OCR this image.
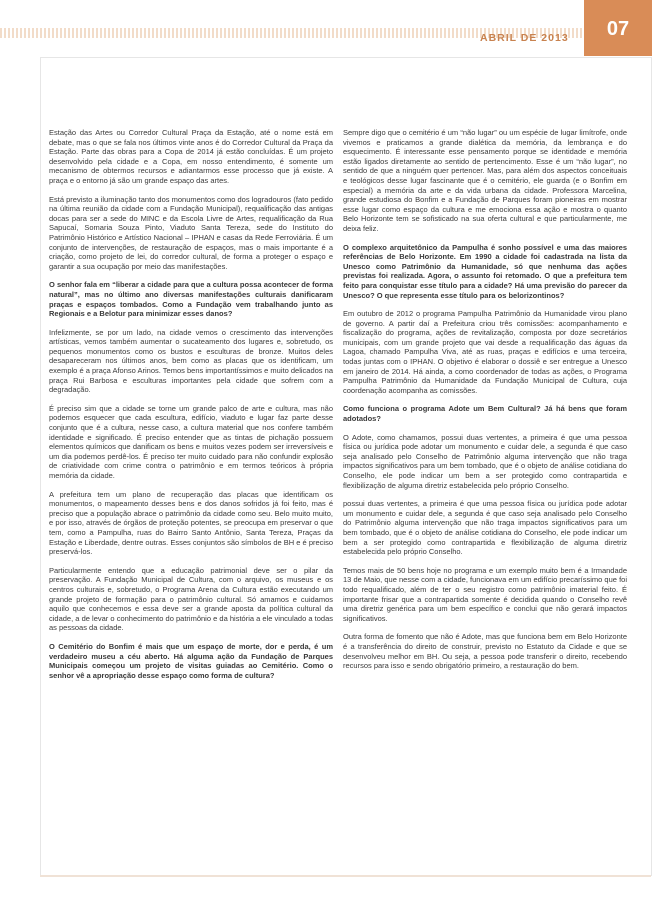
ABRIL DE 2013	07

Estação das Artes ou Corredor Cultural Praça da Estação, até o nome está em debate, mas o que se fala nos últimos vinte anos é do Corredor Cultural da Praça da Estação. Parte das obras para a Copa de 2014 já estão concluídas. É um projeto desenvolvido pela cidade e a Copa, em nosso entendimento, é somente um mecanismo de obtermos recursos e adiantarmos esse processo que já existe. A praça e o entorno já são um grande espaço das artes.

Está previsto a iluminação tanto dos monumentos como dos logradouros (fato pedido na última reunião da cidade com a Fundação Municipal), requalificação das antigas docas para ser a sede do MINC e da Escola Livre de Artes, requalificação da Rua Sapucaí, Somaria Souza Pinto, Viaduto Santa Tereza, sede do Instituto do Patrimônio Histórico e Artístico Nacional – IPHAN e casas da Rede Ferroviária. É um conjunto de intervenções, de restauração de espaços, mas o mais importante é a criação, como projeto de lei, do corredor cultural, de forma a proteger o espaço e garantir a sua ocupação por meio das manifestações.

O senhor fala em “liberar a cidade para que a cultura possa acontecer de forma natural”, mas no último ano diversas manifestações culturais danificaram praças e espaços tombados. Como a Fundação vem trabalhando junto as Regionais e a Belotur para minimizar esses danos?

Infelizmente, se por um lado, na cidade vemos o crescimento das intervenções artísticas, vemos também aumentar o sucateamento dos lugares e, sobretudo, os pequenos monumentos como os bustos e esculturas de bronze. Muitos deles desapareceram nos últimos anos, bem como as placas que os identificam, um exemplo é a praça Afonso Arinos. Temos bens importantíssimos e muito delicados na praça Rui Barbosa e esculturas importantes pela cidade que sofrem com a degradação.

É preciso sim que a cidade se torne um grande palco de arte e cultura, mas não podemos esquecer que cada escultura, edifício, viaduto e lugar faz parte desse conjunto que é a cultura, nesse caso, a cultura material que nos confere também identidade e significado. É preciso entender que as tintas de pichação possuem elementos químicos que danificam os bens e muitos vezes podem ser irreversíveis e um dia podemos perdê-los. É preciso ter muito cuidado para não confundir explosão de criatividade com crime contra o patrimônio e em termos teóricos à própria memória da cidade.

A prefeitura tem um plano de recuperação das placas que identificam os monumentos, o mapeamento desses bens e dos danos sofridos já foi feito, mas é preciso que a população abrace o patrimônio da cidade como seu. Belo muito muito, e por isso, através de órgãos de proteção potentes, se preocupa em preservar o que tem, como a Pampulha, ruas do Bairro Santo Antônio, Santa Tereza, Praças da Estação e Liberdade, dentre outras. Esses conjuntos são símbolos de BH e é preciso preservá-los.

Particularmente entendo que a educação patrimonial deve ser o pilar da preservação. A Fundação Municipal de Cultura, com o arquivo, os museus e os centros culturais e, sobretudo, o Programa Arena da Cultura estão executando um grande projeto de formação para o patrimônio cultural. Só amamos e cuidamos aquilo que conhecemos e essa deve ser a grande aposta da política cultural da cidade, a de levar o conhecimento do patrimônio e da história a ele vinculado a todas as pessoas da cidade.

O Cemitério do Bonfim é mais que um espaço de morte, dor e perda, é um verdadeiro museu a céu aberto. Há alguma ação da Fundação de Parques Municipais começou um projeto de visitas guiadas ao Cemitério. Como o senhor vê a apropriação desse espaço como forma de cultura?

Sempre digo que o cemitério é um “não lugar” ou um espécie de lugar limítrofe, onde vivemos e praticamos a grande dialética da memória, da lembrança e do esquecimento. É interessante esse pensamento porque se identidade e memória estão ligados diretamente ao sentido de pertencimento. Esse é um “não lugar”, no sentido de que a ninguém quer pertencer. Mas, para além dos aspectos conceituais e teológicos desse lugar fascinante que é o cemitério, ele guarda (e o Bonfim em especial) a memória da arte e da vida urbana da cidade. Professora Marcelina, grande estudiosa do Bonfim e a Fundação de Parques foram pioneiras em mostrar esse lugar como espaço da cultura e me emociona essa ação e mostra o quanto Belo Horizonte tem se sofisticado na sua oferta cultural e que particularmente, me deixa feliz.

O complexo arquitetônico da Pampulha é sonho possível e uma das maiores referências de Belo Horizonte. Em 1990 a cidade foi cadastrada na lista da Unesco como Patrimônio da Humanidade, só que nenhuma das ações previstas foi realizada. Agora, o assunto foi retomado. O que a prefeitura tem feito para conquistar esse título para a cidade? Há uma previsão do parecer da Unesco? O que representa esse título para os belorizontinos?

Em outubro de 2012 o programa Pampulha Patrimônio da Humanidade virou plano de governo. A partir daí a Prefeitura criou três comissões: acompanhamento e fiscalização do programa, ações de revitalização, composta por doze secretários municipais, com um grande projeto que vai desde a requalificação das águas da Lagoa, chamado Pampulha Viva, até as ruas, praças e edifícios e uma terceira, todas juntas com o IPHAN. O objetivo é elaborar o dossiê e ser entregue a Unesco em janeiro de 2014. Há ainda, a como coordenador de todas as ações, o Programa Pampulha Patrimônio da Humanidade da Fundação Municipal de Cultura, cuja coordenação acompanha as comissões.

Como funciona o programa Adote um Bem Cultural? Já há bens que foram adotados?

O Adote, como chamamos, possui duas vertentes, a primeira é que uma pessoa física ou jurídica pode adotar um monumento e cuidar dele, a segunda é que caso seja analisado pelo Conselho de Patrimônio alguma intervenção que não traga impactos significativos para um bem tombado, que é o objeto de análise cotidiana do Conselho, ele pode indicar um bem a ser protegido como contrapartida e flexibilização de alguma diretriz estabelecida pelo próprio Conselho.

possui duas vertentes, a primeira é que uma pessoa física ou jurídica pode adotar um monumento e cuidar dele, a segunda é que caso seja analisado pelo Conselho do Patrimônio alguma intervenção que não traga impactos significativos para um bem tombado, que é o objeto de análise cotidiana do Conselho, ele pode indicar um bem a ser protegido como contrapartida e flexibilização de alguma diretriz estabelecida pelo próprio Conselho.

Temos mais de 50 bens hoje no programa e um exemplo muito bem é a Irmandade 13 de Maio, que nesse com a cidade, funcionava em um edifício precaríssimo que foi todo requalificado, além de ter o seu registro como patrimônio imaterial feito. É importante frisar que a contrapartida somente é decidida quando o Conselho revê uma diretriz genérica para um bem específico e conclui que não gerará impactos significativos.

Outra forma de fomento que não é Adote, mas que funciona bem em Belo Horizonte é a transferência do direito de construir, previsto no Estatuto da Cidade e que se desenvolveu melhor em BH. Ou seja, a pessoa pode transferir o direito, recebendo recursos para isso e sendo obrigatório primeiro, a restauração do bem.
